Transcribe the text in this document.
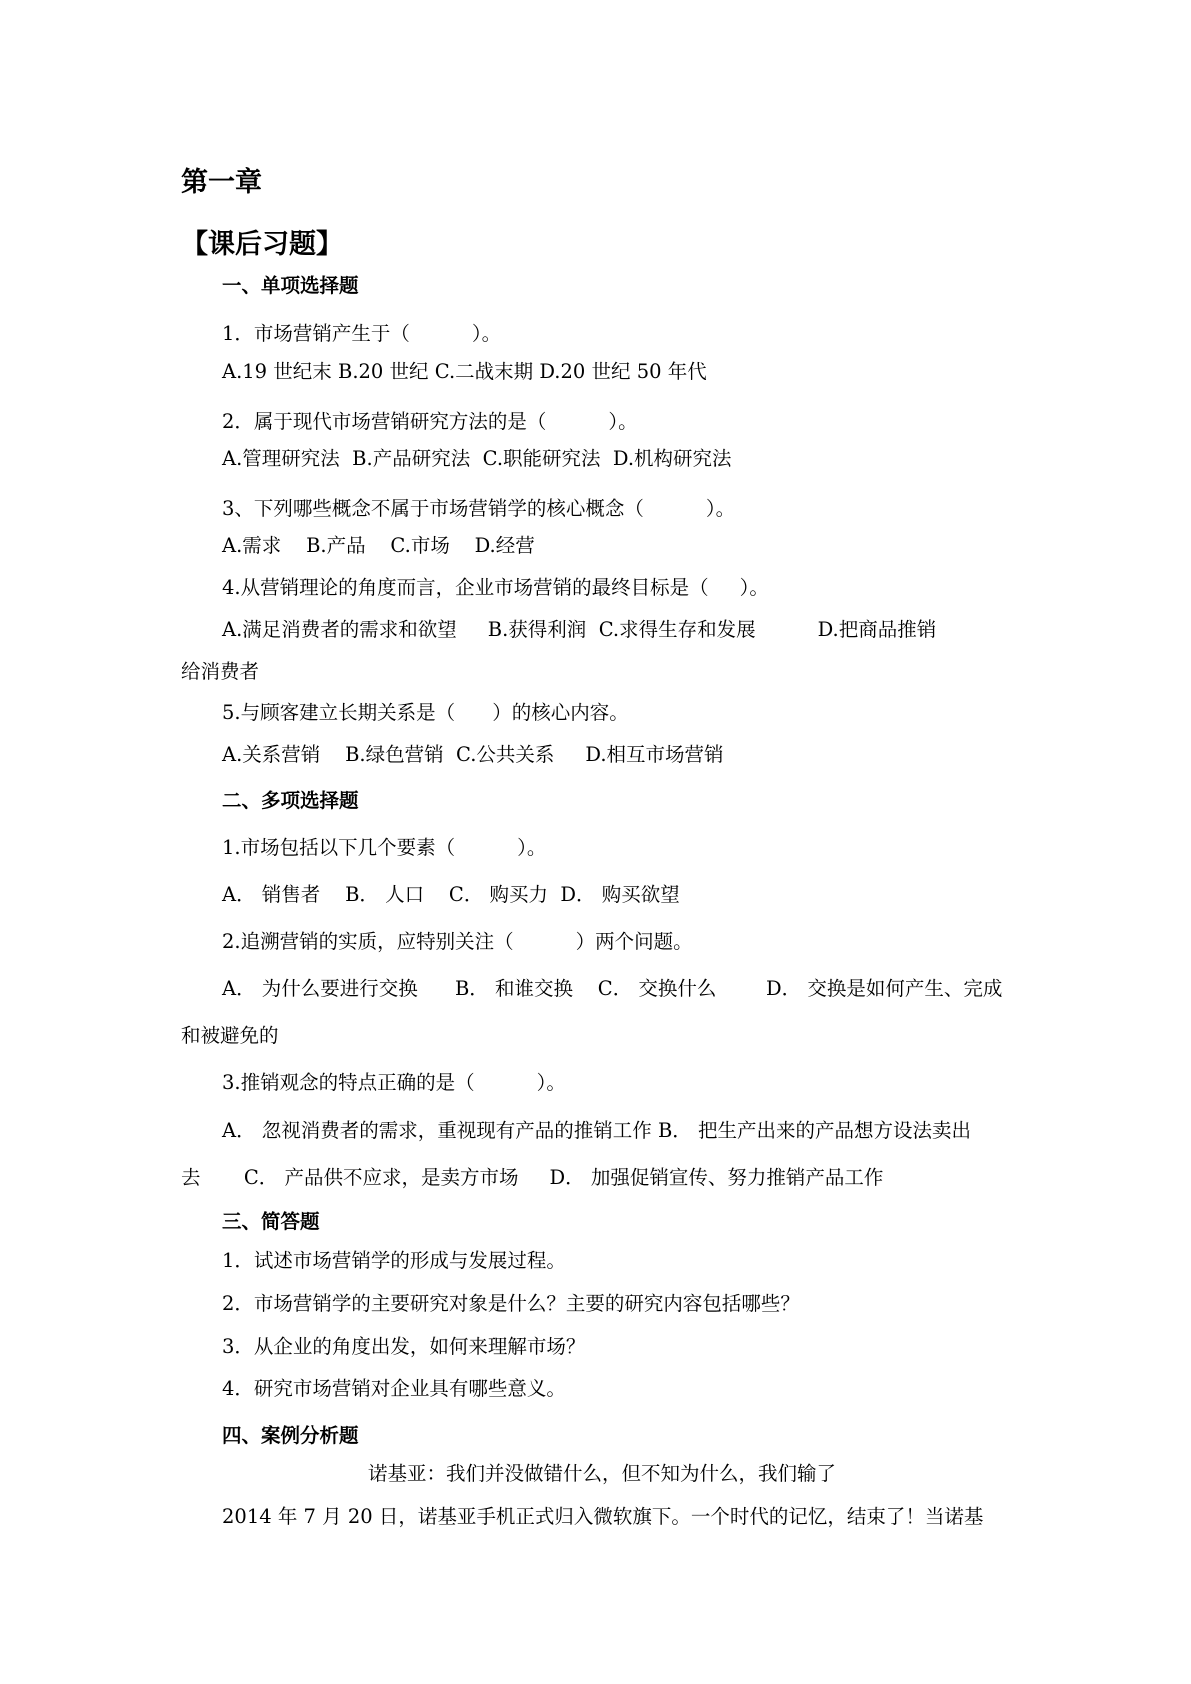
第一章
【课后习题】
一、单项选择题
1．市场营销产生于（          ）。
A.19 世纪末 B.20 世纪 C.二战末期 D.20 世纪 50 年代
2．属于现代市场营销研究方法的是（          ）。
A.管理研究法  B.产品研究法  C.职能研究法  D.机构研究法
3、下列哪些概念不属于市场营销学的核心概念（          ）。
A.需求    B.产品    C.市场    D.经营
4.从营销理论的角度而言，企业市场营销的最终目标是（     ）。
A.满足消费者的需求和欲望     B.获得利润  C.求得生存和发展          D.把商品推销
给消费者
5.与顾客建立长期关系是（      ）的核心内容。
A.关系营销    B.绿色营销  C.公共关系     D.相互市场营销
二、多项选择题
1.市场包括以下几个要素（          ）。
A． 销售者    B． 人口    C． 购买力  D． 购买欲望
2.追溯营销的实质，应特别关注（          ）两个问题。
A． 为什么要进行交换      B． 和谁交换    C． 交换什么        D． 交换是如何产生、完成
和被避免的
3.推销观念的特点正确的是（          ）。
A． 忽视消费者的需求，重视现有产品的推销工作 B． 把生产出来的产品想方设法卖出
去       C． 产品供不应求，是卖方市场     D． 加强促销宣传、努力推销产品工作
三、简答题
1．试述市场营销学的形成与发展过程。
2．市场营销学的主要研究对象是什么？主要的研究内容包括哪些？
3．从企业的角度出发，如何来理解市场？
4．研究市场营销对企业具有哪些意义。
四、案例分析题
诺基亚：我们并没做错什么，但不知为什么，我们输了
2014 年 7 月 20 日，诺基亚手机正式归入微软旗下。一个时代的记忆，结束了！当诺基
